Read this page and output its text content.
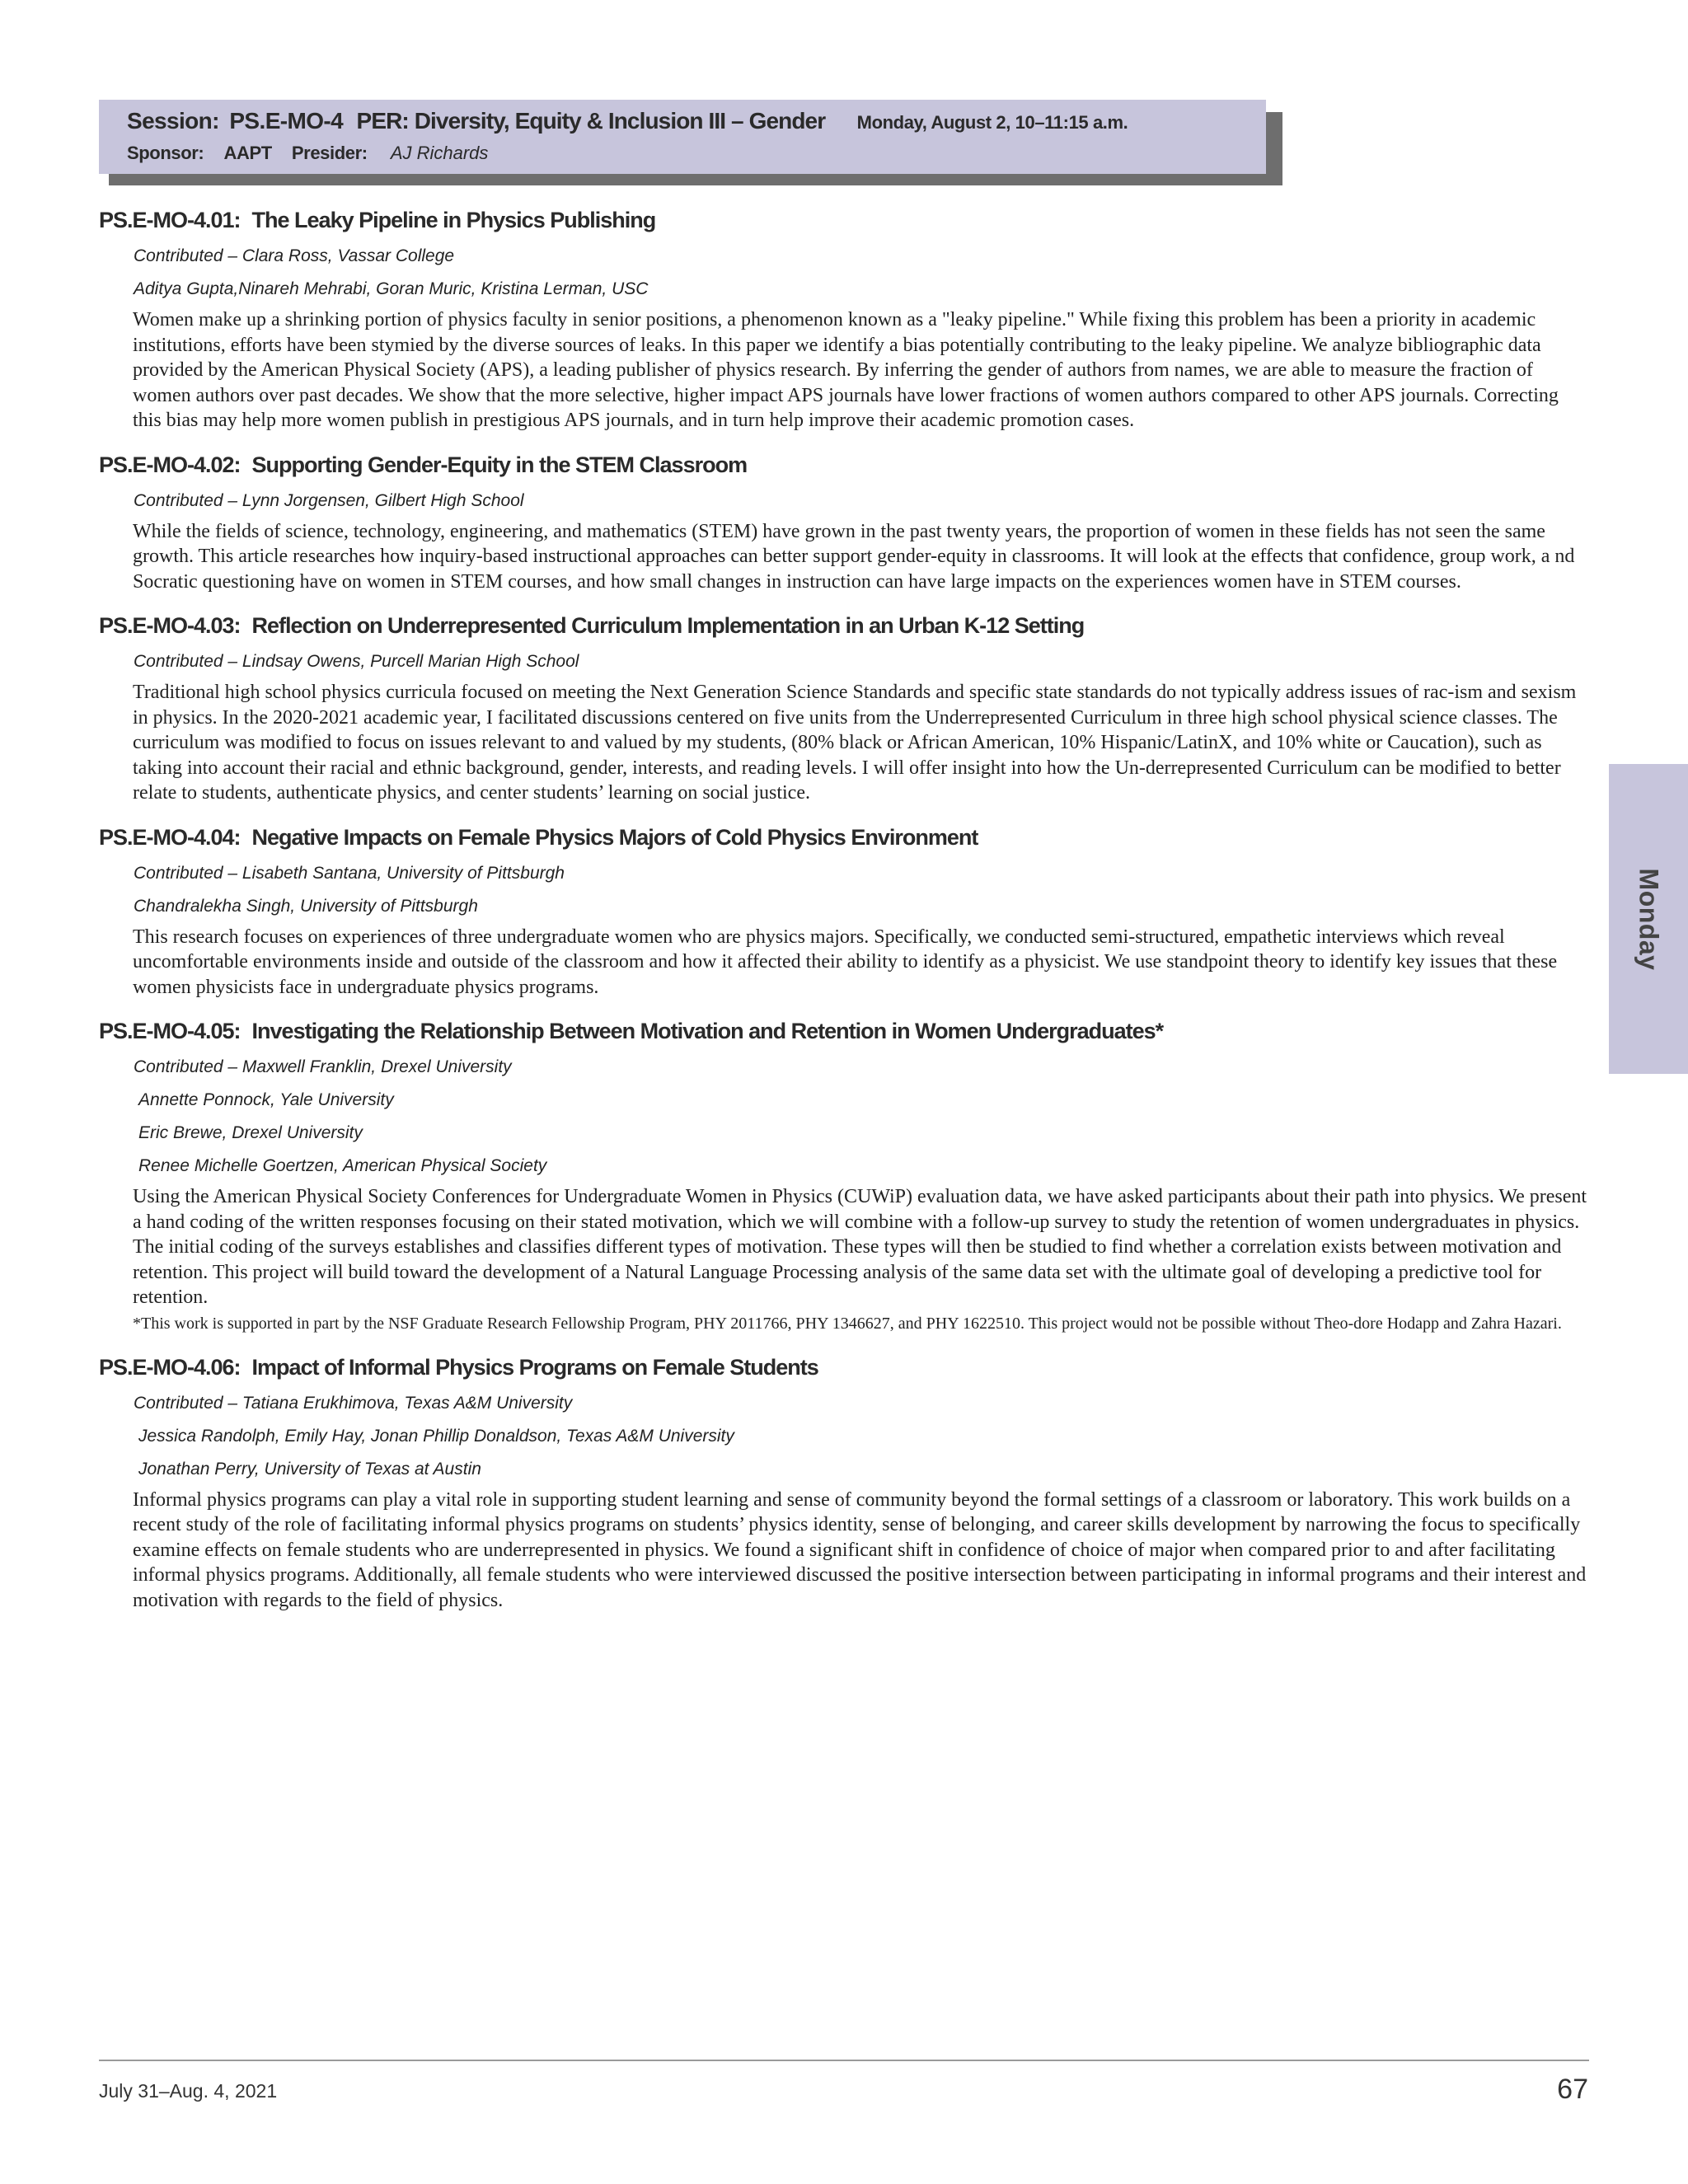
Session: PS.E-MO-4 PER: Diversity, Equity & Inclusion III – Gender Monday, August 2, 10–11:15 a.m.
Sponsor: AAPT Presider: AJ Richards
PS.E-MO-4.01: The Leaky Pipeline in Physics Publishing
Contributed – Clara Ross, Vassar College
Aditya Gupta,Ninareh Mehrabi, Goran Muric, Kristina Lerman, USC
Women make up a shrinking portion of physics faculty in senior positions, a phenomenon known as a "leaky pipeline." While fixing this problem has been a priority in academic institutions, efforts have been stymied by the diverse sources of leaks. In this paper we identify a bias potentially contributing to the leaky pipeline. We analyze bibliographic data provided by the American Physical Society (APS), a leading publisher of physics research. By inferring the gender of authors from names, we are able to measure the fraction of women authors over past decades. We show that the more selective, higher impact APS journals have lower fractions of women authors compared to other APS journals. Correcting this bias may help more women publish in prestigious APS journals, and in turn help improve their academic promotion cases.
PS.E-MO-4.02: Supporting Gender-Equity in the STEM Classroom
Contributed – Lynn Jorgensen, Gilbert High School
While the fields of science, technology, engineering, and mathematics (STEM) have grown in the past twenty years, the proportion of women in these fields has not seen the same growth. This article researches how inquiry-based instructional approaches can better support gender-equity in classrooms. It will look at the effects that confidence, group work, a nd Socratic questioning have on women in STEM courses, and how small changes in instruction can have large impacts on the experiences women have in STEM courses.
PS.E-MO-4.03: Reflection on Underrepresented Curriculum Implementation in an Urban K-12 Setting
Contributed – Lindsay Owens, Purcell Marian High School
Traditional high school physics curricula focused on meeting the Next Generation Science Standards and specific state standards do not typically address issues of rac-ism and sexism in physics. In the 2020-2021 academic year, I facilitated discussions centered on five units from the Underrepresented Curriculum in three high school physical science classes. The curriculum was modified to focus on issues relevant to and valued by my students, (80% black or African American, 10% Hispanic/LatinX, and 10% white or Caucation), such as taking into account their racial and ethnic background, gender, interests, and reading levels. I will offer insight into how the Un-derrepresented Curriculum can be modified to better relate to students, authenticate physics, and center students’ learning on social justice.
PS.E-MO-4.04: Negative Impacts on Female Physics Majors of Cold Physics Environment
Contributed – Lisabeth Santana, University of Pittsburgh
Chandralekha Singh, University of Pittsburgh
This research focuses on experiences of three undergraduate women who are physics majors. Specifically, we conducted semi-structured, empathetic interviews which reveal uncomfortable environments inside and outside of the classroom and how it affected their ability to identify as a physicist. We use standpoint theory to identify key issues that these women physicists face in undergraduate physics programs.
PS.E-MO-4.05: Investigating the Relationship Between Motivation and Retention in Women Undergraduates*
Contributed – Maxwell Franklin, Drexel University
Annette Ponnock, Yale University
Eric Brewe, Drexel University
Renee Michelle Goertzen, American Physical Society
Using the American Physical Society Conferences for Undergraduate Women in Physics (CUWiP) evaluation data, we have asked participants about their path into physics. We present a hand coding of the written responses focusing on their stated motivation, which we will combine with a follow-up survey to study the retention of women undergraduates in physics. The initial coding of the surveys establishes and classifies different types of motivation. These types will then be studied to find whether a correlation exists between motivation and retention. This project will build toward the development of a Natural Language Processing analysis of the same data set with the ultimate goal of developing a predictive tool for retention.
*This work is supported in part by the NSF Graduate Research Fellowship Program, PHY 2011766, PHY 1346627, and PHY 1622510. This project would not be possible without Theo-dore Hodapp and Zahra Hazari.
PS.E-MO-4.06: Impact of Informal Physics Programs on Female Students
Contributed – Tatiana Erukhimova, Texas A&M University
Jessica Randolph, Emily Hay, Jonan Phillip Donaldson, Texas A&M University
Jonathan Perry, University of Texas at Austin
Informal physics programs can play a vital role in supporting student learning and sense of community beyond the formal settings of a classroom or laboratory. This work builds on a recent study of the role of facilitating informal physics programs on students’ physics identity, sense of belonging, and career skills development by narrowing the focus to specifically examine effects on female students who are underrepresented in physics. We found a significant shift in confidence of choice of major when compared prior to and after facilitating informal physics programs. Additionally, all female students who were interviewed discussed the positive intersection between participating in informal programs and their interest and motivation with regards to the field of physics.
Monday
July 31–Aug. 4, 2021	67
